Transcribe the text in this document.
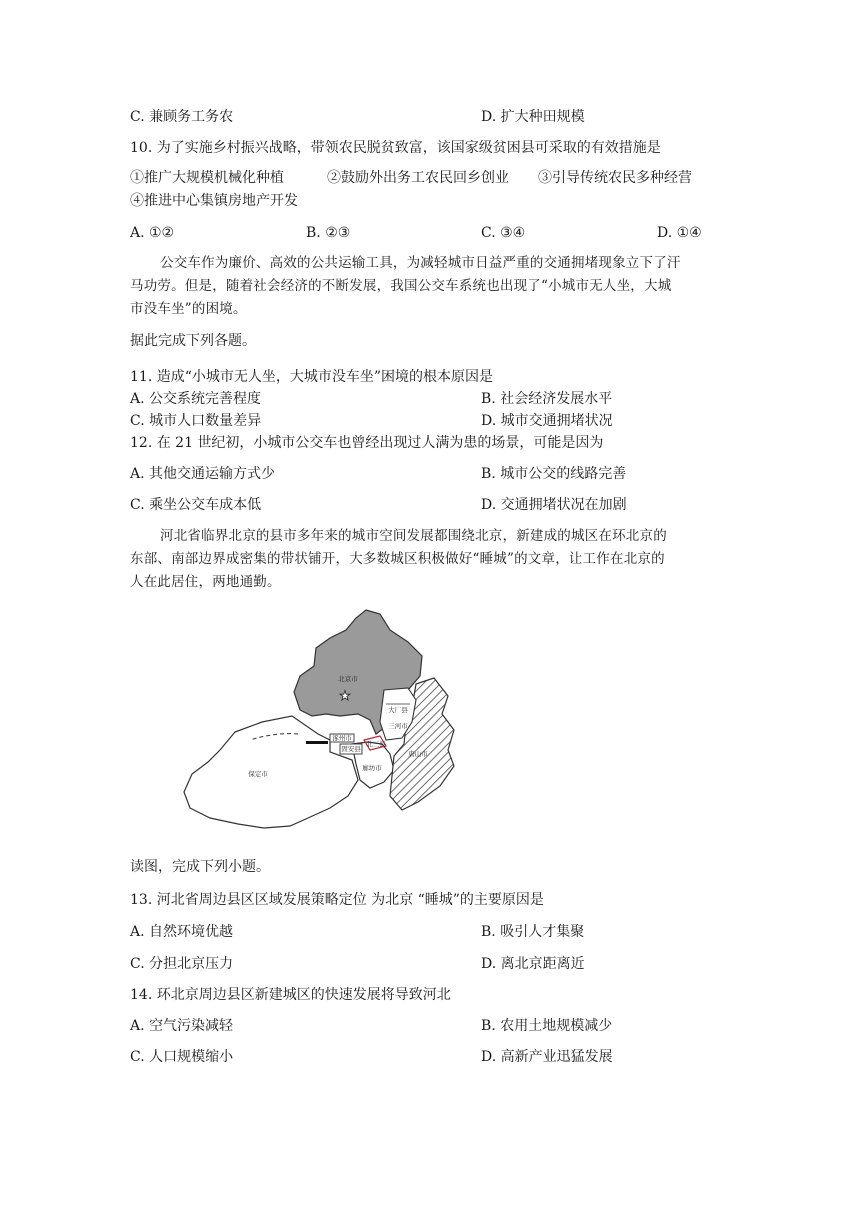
C. 兼顾务工务农	D. 扩大种田规模
10. 为了实施乡村振兴战略，带领农民脱贫致富，该国家级贫困县可采取的有效措施是
①推广大规模机械化种植	②鼓励外出务工农民回乡创业 ③引导传统农民多种经营
④推进中心集镇房地产开发
A. ①②	B. ②③	C. ③④	D. ①④
公交车作为廉价、高效的公共运输工具，为减轻城市日益严重的交通拥堵现象立下了汗
马功劳。但是，随着社会经济的不断发展，我国公交车系统也出现了“小城市无人坐，大城
市没车坐”的困境。
据此完成下列各题。
11. 造成“小城市无人坐，大城市没车坐”困境的根本原因是
A. 公交系统完善程度	B. 社会经济发展水平
C. 城市人口数量差异	D. 城市交通拥堵状况
12. 在 21 世纪初，小城市公交车也曾经出现过人满为患的场景，可能是因为
A. 其他交通运输方式少	B. 城市公交的线路完善
C. 乘坐公交车成本低	D. 交通拥堵状况在加剧
河北省临界北京的县市多年来的城市空间发展都围绕北京，新建成的城区在环北京的
东部、南部边界成密集的带状铺开，大多数城区积极做好“睡城”的文章，让工作在北京的
人在此居住，两地通勤。
★
北京市
保定市
廊坊市
唐山市
大厂县
三河市
涿州市
固安县
北三县
读图，完成下列小题。
13. 河北省周边县区区域发展策略定位 为北京 “睡城”的主要原因是
A. 自然环境优越	B. 吸引人才集聚
C. 分担北京压力	D. 离北京距离近
14. 环北京周边县区新建城区的快速发展将导致河北
A. 空气污染减轻	B. 农用土地规模减少
C. 人口规模缩小	D. 高新产业迅猛发展
